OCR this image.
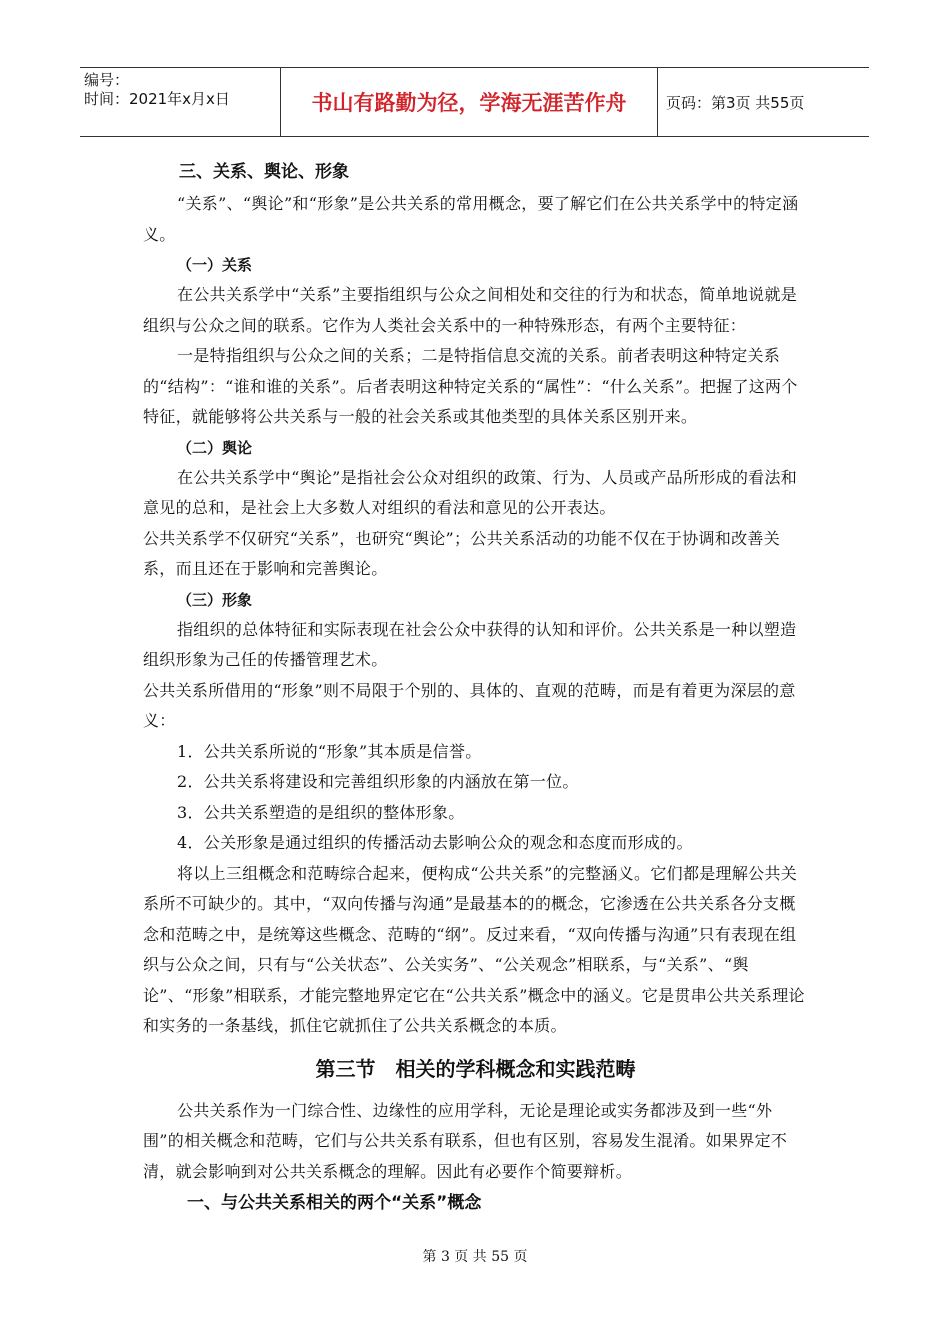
编号：
时间：2021年x月x日	书山有路勤为径，学海无涯苦作舟	页码：第3页 共55页

三、关系、舆论、形象

“关系”、“舆论”和“形象”是公共关系的常用概念，要了解它们在公共关系学中的特定涵义。

（一）关系

在公共关系学中“关系”主要指组织与公众之间相处和交往的行为和状态，简单地说就是组织与公众之间的联系。它作为人类社会关系中的一种特殊形态，有两个主要特征：

一是特指组织与公众之间的关系；二是特指信息交流的关系。前者表明这种特定关系的“结构”：“谁和谁的关系”。后者表明这种特定关系的“属性”：“什么关系”。把握了这两个特征，就能够将公共关系与一般的社会关系或其他类型的具体关系区别开来。

（二）舆论

在公共关系学中“舆论”是指社会公众对组织的政策、行为、人员或产品所形成的看法和意见的总和，是社会上大多数人对组织的看法和意见的公开表达。

公共关系学不仅研究“关系”，也研究“舆论”；公共关系活动的功能不仅在于协调和改善关系，而且还在于影响和完善舆论。

（三）形象

指组织的总体特征和实际表现在社会公众中获得的认知和评价。公共关系是一种以塑造组织形象为己任的传播管理艺术。

公共关系所借用的“形象”则不局限于个别的、具体的、直观的范畴，而是有着更为深层的意义：

1．公共关系所说的“形象”其本质是信誉。

2．公共关系将建设和完善组织形象的内涵放在第一位。

3．公共关系塑造的是组织的整体形象。

4．公关形象是通过组织的传播活动去影响公众的观念和态度而形成的。

将以上三组概念和范畴综合起来，便构成“公共关系”的完整涵义。它们都是理解公共关系所不可缺少的。其中，“双向传播与沟通”是最基本的的概念，它渗透在公共关系各分支概念和范畴之中，是统筹这些概念、范畴的“纲”。反过来看，“双向传播与沟通”只有表现在组织与公众之间，只有与“公关状态”、公关实务”、“公关观念”相联系，与“关系”、“舆论”、“形象”相联系，才能完整地界定它在“公共关系”概念中的涵义。它是贯串公共关系理论和实务的一条基线，抓住它就抓住了公共关系概念的本质。

第三节　相关的学科概念和实践范畴

公共关系作为一门综合性、边缘性的应用学科，无论是理论或实务都涉及到一些“外围”的相关概念和范畴，它们与公共关系有联系，但也有区别，容易发生混淆。如果界定不清，就会影响到对公共关系概念的理解。因此有必要作个简要辩析。

一、与公共关系相关的两个“关系”概念

第 3 页 共 55 页
